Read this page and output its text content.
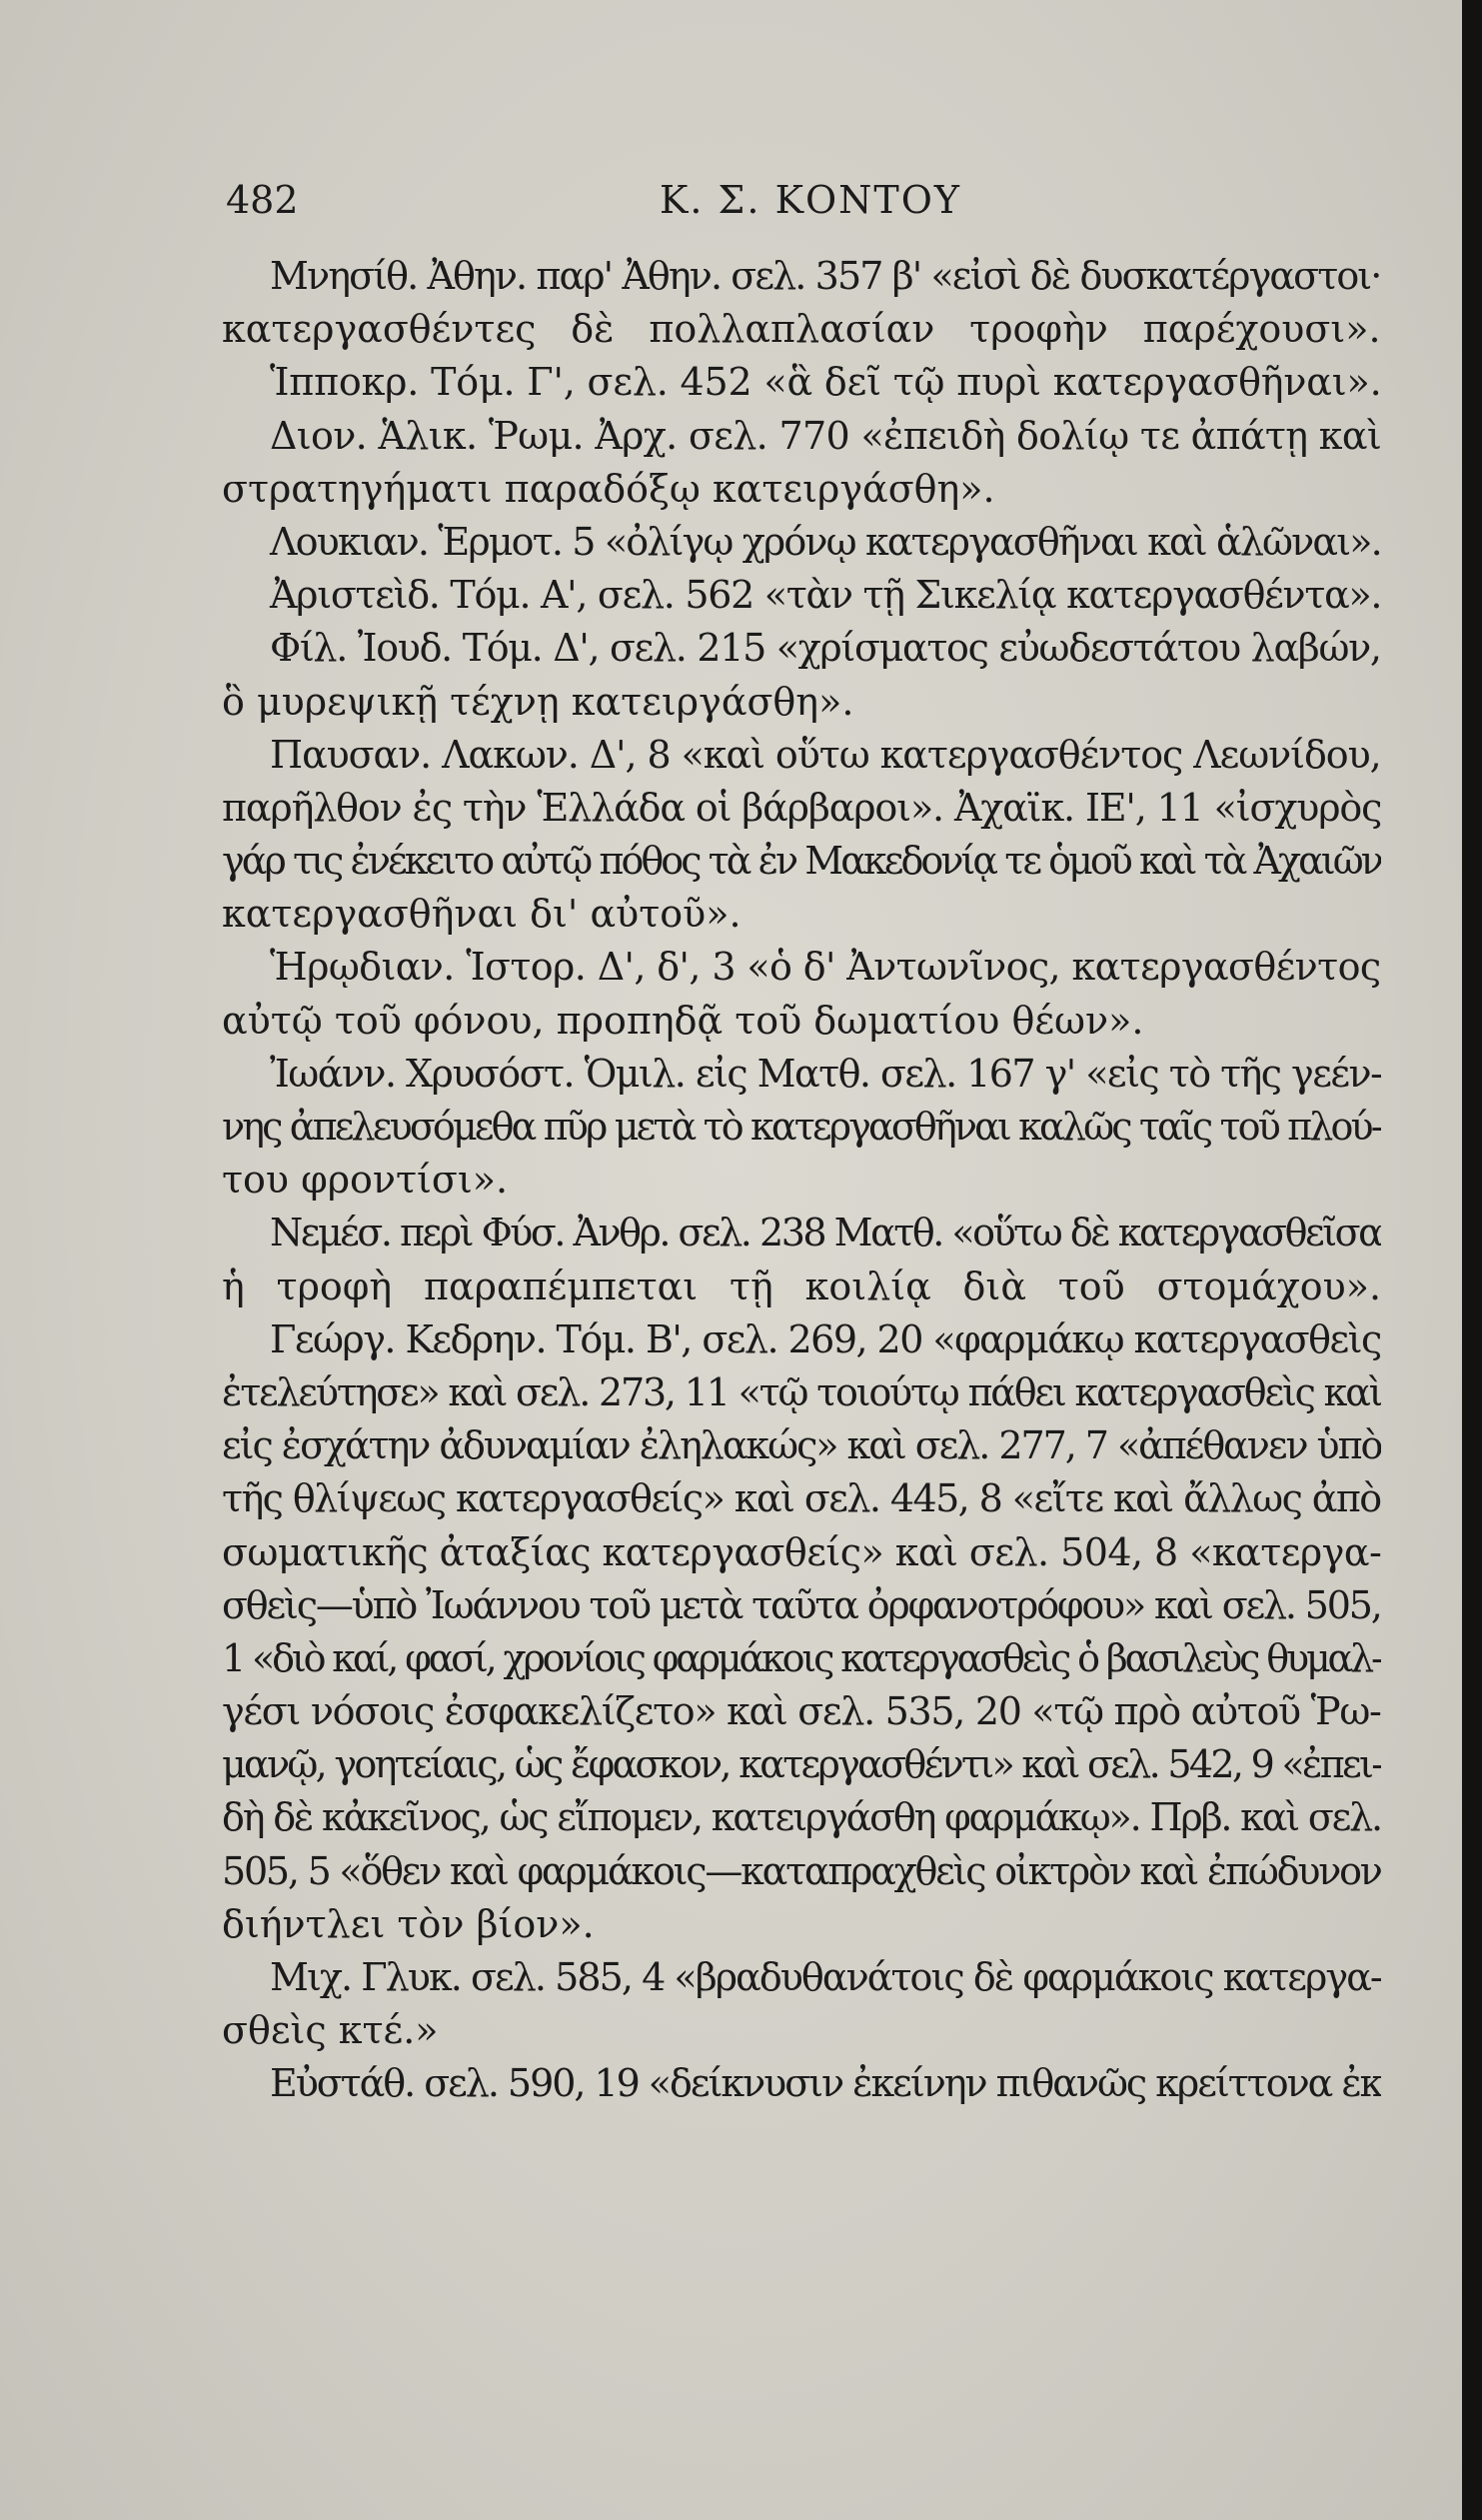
482	Κ. Σ. ΚΟΝΤΟΥ
Μνησίθ. Ἀθην. παρ' Ἀθην. σελ. 357 β' «εἰσὶ δὲ δυσκατέργαστοι·
κατεργασθέντες δὲ πολλαπλασίαν τροφὴν παρέχουσι».
Ἱπποκρ. Τόμ. Γ', σελ. 452 «ἃ δεῖ τῷ πυρὶ κατεργασθῆναι».
Διον. Ἁλικ. Ῥωμ. Ἀρχ. σελ. 770 «ἐπειδὴ δολίῳ τε ἀπάτῃ καὶ
στρατηγήματι παραδόξῳ κατειργάσθη».
Λουκιαν. Ἑρμοτ. 5 «ὀλίγῳ χρόνῳ κατεργασθῆναι καὶ ἁλῶναι».
Ἀριστεὶδ. Τόμ. Α', σελ. 562 «τὰν τῇ Σικελίᾳ κατεργασθέντα».
Φίλ. Ἰουδ. Τόμ. Δ', σελ. 215 «χρίσματος εὐωδεστάτου λαβών,
ὃ μυρεψικῇ τέχνῃ κατειργάσθη».
Παυσαν. Λακων. Δ', 8 «καὶ οὕτω κατεργασθέντος Λεωνίδου,
παρῆλθον ἐς τὴν Ἑλλάδα οἱ βάρβαροι». Ἀχαϊκ. ΙΕ', 11 «ἰσχυρὸς
γάρ τις ἐνέκειτο αὐτῷ πόθος τὰ ἐν Μακεδονίᾳ τε ὁμοῦ καὶ τὰ Ἀχαιῶν
κατεργασθῆναι δι' αὐτοῦ».
Ἡρῳδιαν. Ἱστορ. Δ', δ', 3 «ὁ δ' Ἀντωνῖνος, κατεργασθέντος
αὐτῷ τοῦ φόνου, προπηδᾷ τοῦ δωματίου θέων».
Ἰωάνν. Χρυσόστ. Ὁμιλ. εἰς Ματθ. σελ. 167 γ' «εἰς τὸ τῆς γεέν-
νης ἀπελευσόμεθα πῦρ μετὰ τὸ κατεργασθῆναι καλῶς ταῖς τοῦ πλού-
του φροντίσι».
Νεμέσ. περὶ Φύσ. Ἀνθρ. σελ. 238 Ματθ. «οὕτω δὲ κατεργασθεῖσα
ἡ τροφὴ παραπέμπεται τῇ κοιλίᾳ διὰ τοῦ στομάχου».
Γεώργ. Κεδρην. Τόμ. Β', σελ. 269, 20 «φαρμάκῳ κατεργασθεὶς
ἐτελεύτησε» καὶ σελ. 273, 11 «τῷ τοιούτῳ πάθει κατεργασθεὶς καὶ
εἰς ἐσχάτην ἀδυναμίαν ἐληλακώς» καὶ σελ. 277, 7 «ἀπέθανεν ὑπὸ
τῆς θλίψεως κατεργασθείς» καὶ σελ. 445, 8 «εἴτε καὶ ἄλλως ἀπὸ
σωματικῆς ἀταξίας κατεργασθείς» καὶ σελ. 504, 8 «κατεργα-
σθεὶς—ὑπὸ Ἰωάννου τοῦ μετὰ ταῦτα ὀρφανοτρόφου» καὶ σελ. 505,
1 «διὸ καί, φασί, χρονίοις φαρμάκοις κατεργασθεὶς ὁ βασιλεὺς θυμαλ-
γέσι νόσοις ἐσφακελίζετο» καὶ σελ. 535, 20 «τῷ πρὸ αὐτοῦ Ῥω-
μανῷ, γοητείαις, ὡς ἔφασκον, κατεργασθέντι» καὶ σελ. 542, 9 «ἐπει-
δὴ δὲ κἀκεῖνος, ὡς εἴπομεν, κατειργάσθη φαρμάκῳ». Πρβ. καὶ σελ.
505, 5 «ὅθεν καὶ φαρμάκοις—καταπραχθεὶς οἰκτρὸν καὶ ἐπώδυνον
διήντλει τὸν βίον».
Μιχ. Γλυκ. σελ. 585, 4 «βραδυθανάτοις δὲ φαρμάκοις κατεργα-
σθεὶς κτέ.»
Εὐστάθ. σελ. 590, 19 «δείκνυσιν ἐκείνην πιθανῶς κρείττονα ἐκ
